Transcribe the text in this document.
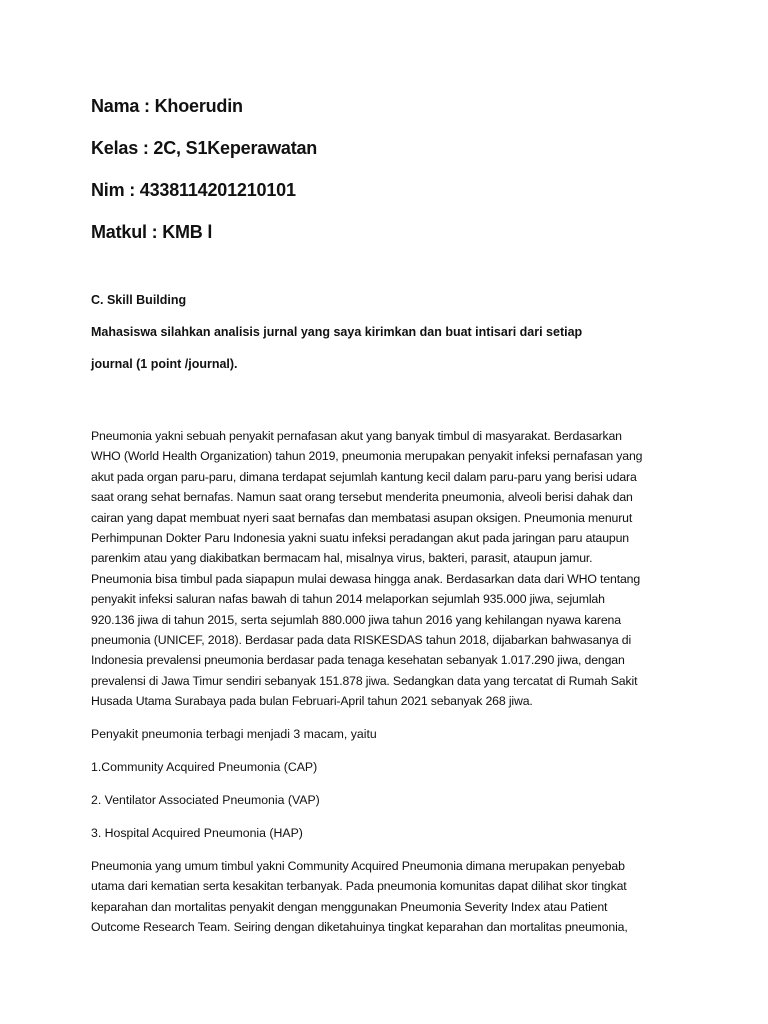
Nama : Khoerudin
Kelas : 2C, S1Keperawatan
Nim : 4338114201210101
Matkul : KMB l
C. Skill Building
Mahasiswa silahkan analisis jurnal yang saya kirimkan dan buat intisari dari setiap
journal (1 point /journal).
Pneumonia yakni sebuah penyakit pernafasan akut yang banyak timbul di masyarakat. Berdasarkan
WHO (World Health Organization) tahun 2019, pneumonia merupakan penyakit infeksi pernafasan yang
akut pada organ paru-paru, dimana terdapat sejumlah kantung kecil dalam paru-paru yang berisi udara
saat orang sehat bernafas. Namun saat orang tersebut menderita pneumonia, alveoli berisi dahak dan
cairan yang dapat membuat nyeri saat bernafas dan membatasi asupan oksigen. Pneumonia menurut
Perhimpunan Dokter Paru Indonesia yakni suatu infeksi peradangan akut pada jaringan paru ataupun
parenkim atau yang diakibatkan bermacam hal, misalnya virus, bakteri, parasit, ataupun jamur.
Pneumonia bisa timbul pada siapapun mulai dewasa hingga anak. Berdasarkan data dari WHO tentang
penyakit infeksi saluran nafas bawah di tahun 2014 melaporkan sejumlah 935.000 jiwa, sejumlah
920.136 jiwa di tahun 2015, serta sejumlah 880.000 jiwa tahun 2016 yang kehilangan nyawa karena
pneumonia (UNICEF, 2018). Berdasar pada data RISKESDAS tahun 2018, dijabarkan bahwasanya di
Indonesia prevalensi pneumonia berdasar pada tenaga kesehatan sebanyak 1.017.290 jiwa, dengan
prevalensi di Jawa Timur sendiri sebanyak 151.878 jiwa. Sedangkan data yang tercatat di Rumah Sakit
Husada Utama Surabaya pada bulan Februari-April tahun 2021 sebanyak 268 jiwa.
Penyakit pneumonia terbagi menjadi 3 macam, yaitu
1.Community Acquired Pneumonia (CAP)
2. Ventilator Associated Pneumonia (VAP)
3. Hospital Acquired Pneumonia (HAP)
Pneumonia yang umum timbul yakni Community Acquired Pneumonia dimana merupakan penyebab
utama dari kematian serta kesakitan terbanyak. Pada pneumonia komunitas dapat dilihat skor tingkat
keparahan dan mortalitas penyakit dengan menggunakan Pneumonia Severity Index atau Patient
Outcome Research Team. Seiring dengan diketahuinya tingkat keparahan dan mortalitas pneumonia,
